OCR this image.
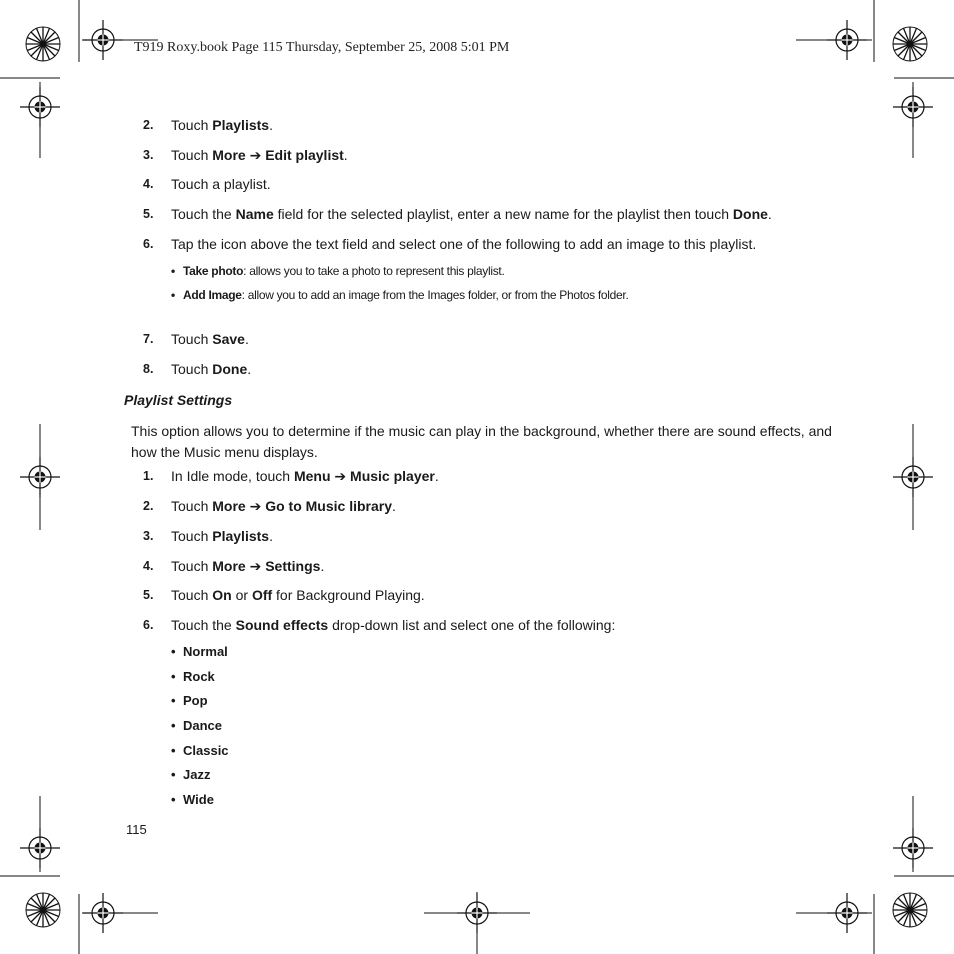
T919 Roxy.book Page 115 Thursday, September 25, 2008 5:01 PM
2. Touch Playlists.
3. Touch More ➔ Edit playlist.
4. Touch a playlist.
5. Touch the Name field for the selected playlist, enter a new name for the playlist then touch Done.
6. Tap the icon above the text field and select one of the following to add an image to this playlist.
• Take photo: allows you to take a photo to represent this playlist.
• Add Image: allow you to add an image from the Images folder, or from the Photos folder.
7. Touch Save.
8. Touch Done.
Playlist Settings
This option allows you to determine if the music can play in the background, whether there are sound effects, and how the Music menu displays.
1. In Idle mode, touch Menu ➔ Music player.
2. Touch More ➔ Go to Music library.
3. Touch Playlists.
4. Touch More ➔ Settings.
5. Touch On or Off for Background Playing.
6. Touch the Sound effects drop-down list and select one of the following:
• Normal
• Rock
• Pop
• Dance
• Classic
• Jazz
• Wide
115
